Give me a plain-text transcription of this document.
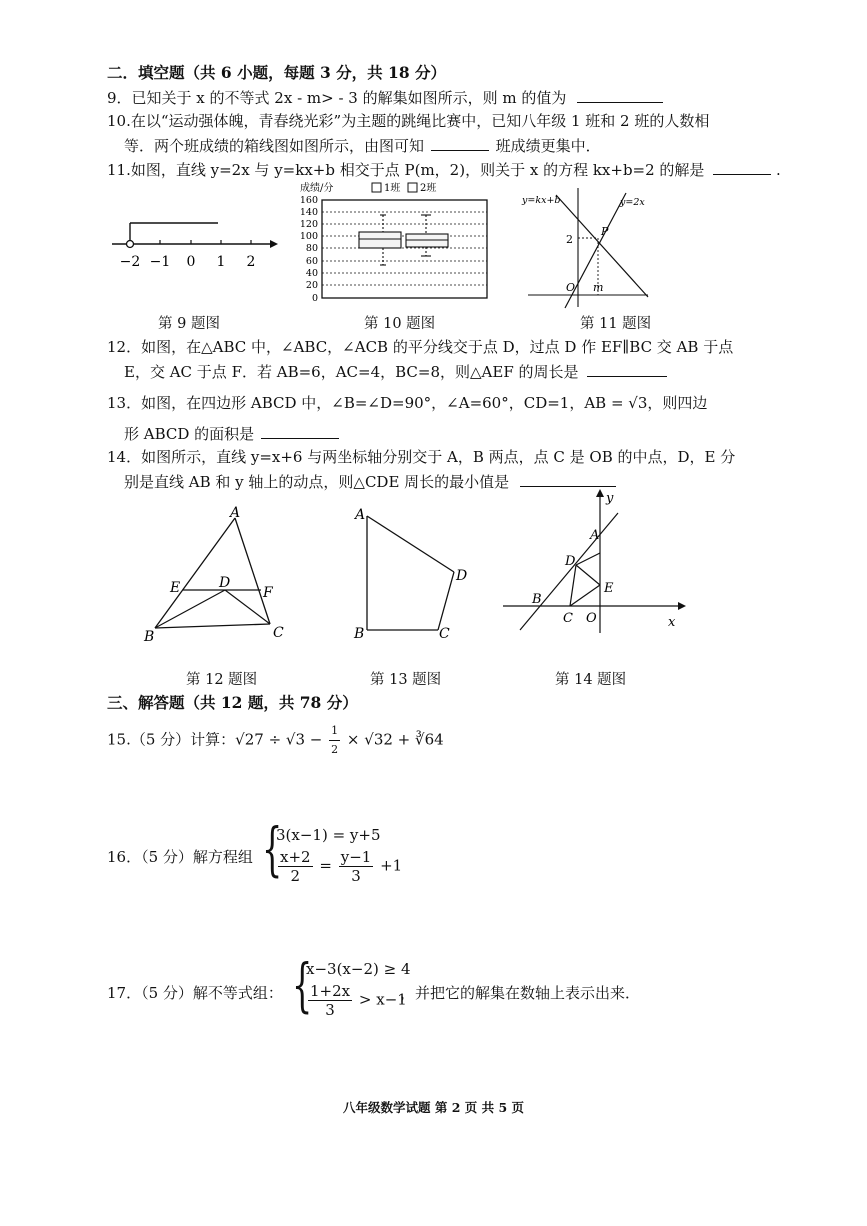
二．填空题（共 6 小题，每题 3 分，共 18 分）
9．已知关于 x 的不等式 2x - m> - 3 的解集如图所示，则 m 的值为
10.在以“运动强体魄，青春绕光彩”为主题的跳绳比赛中，已知八年级 1 班和 2 班的人数相
等．两个班成绩的箱线图如图所示，由图可知	班成绩更集中．
11.如图，直线 y=2x 与 y=kx+b 相交于点 P(m，2)，则关于 x 的方程 kx+b=2 的解是	.
−2 −1 0 1 2
成绩/分	1班 2班
160
140
120
100
80
60
40
20
0
y=kx+b	y=2x
2
P
O m
第 9 题图	第 10 题图	第 11 题图
12．如图，在△ABC 中，∠ABC，∠ACB 的平分线交于点 D，过点 D 作 EF∥BC 交 AB 于点
E，交 AC 于点 F．若 AB=6，AC=4，BC=8，则△AEF 的周长是
13．如图，在四边形 ABCD 中，∠B=∠D=90°，∠A=60°，CD=1，AB = √3，则四边
形 ABCD 的面积是
14．如图所示，直线 y=x+6 与两坐标轴分别交于 A，B 两点，点 C 是 OB 的中点，D，E 分
别是直线 AB 和 y 轴上的动点，则△CDE 周长的最小值是
A
B	C
D
E	F
A
B	C
D
A
B
C
D
E
O	x
y
第 12 题图	第 13 题图	第 14 题图
三、解答题（共 12 题，共 78 分）
15.（5 分）计算：$√27 \div √3 - \frac{1}{2} \times √32$ + ∛64
16．（5 分）解方程组 {
3(x−1) = y+5
$\frac{x+2}{2} = \frac{y-1}{3} +1$
17．（5 分）解不等式组： {
x−3(x−2) ≥ 4
$\frac{1+2x}{3} > x-1$
，并把它的解集在数轴上表示出来．
八年级数学试题 第 2 页 共 5 页
